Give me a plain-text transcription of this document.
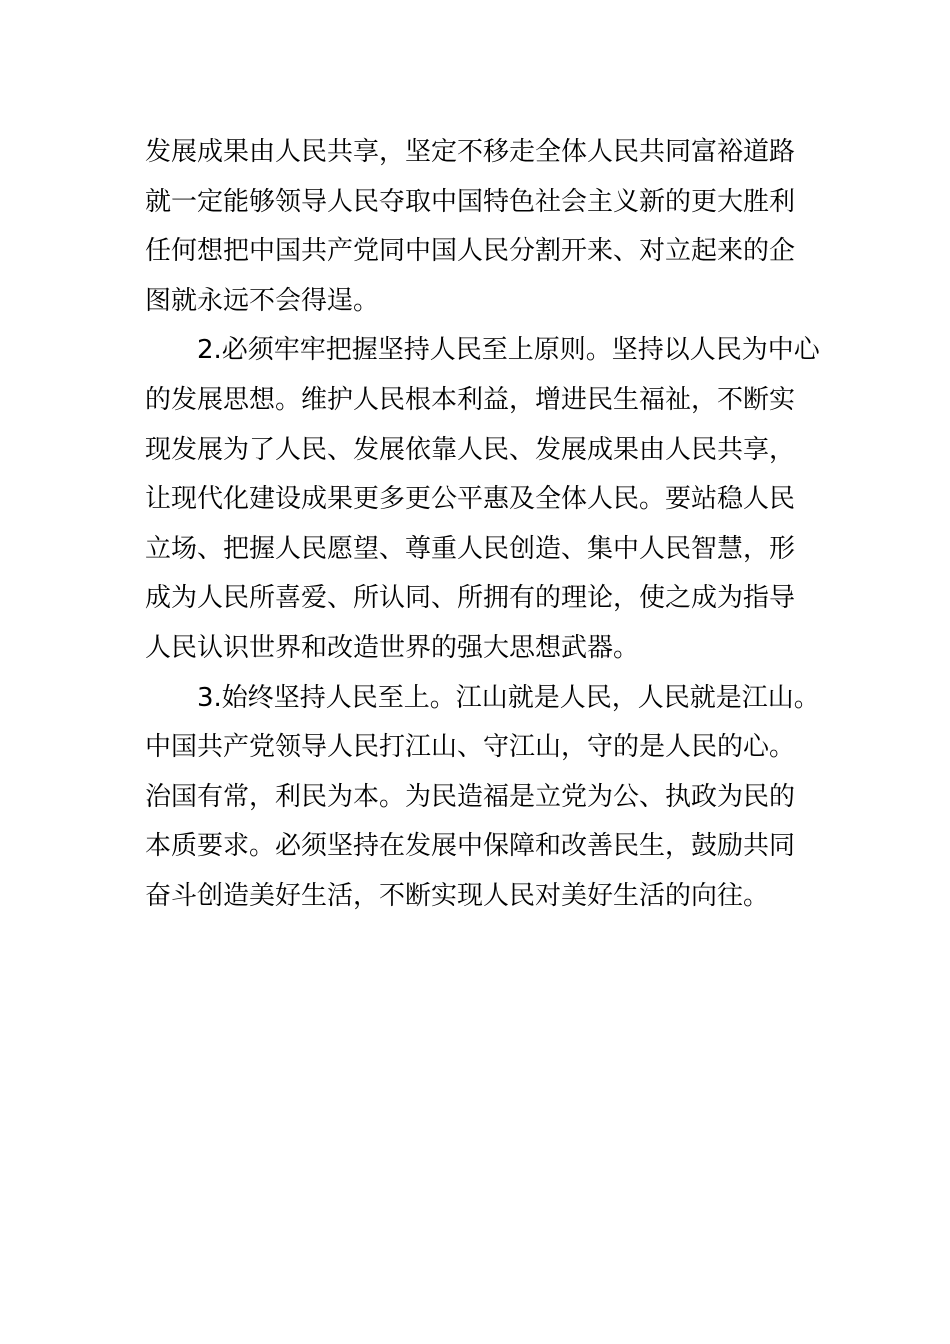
发展成果由人民共享，坚定不移走全体人民共同富裕道路
就一定能够领导人民夺取中国特色社会主义新的更大胜利
任何想把中国共产党同中国人民分割开来、对立起来的企
图就永远不会得逞。
2.必须牢牢把握坚持人民至上原则。坚持以人民为中心
的发展思想。维护人民根本利益，增进民生福祉，不断实
现发展为了人民、发展依靠人民、发展成果由人民共享，
让现代化建设成果更多更公平惠及全体人民。要站稳人民
立场、把握人民愿望、尊重人民创造、集中人民智慧，形
成为人民所喜爱、所认同、所拥有的理论，使之成为指导
人民认识世界和改造世界的强大思想武器。
3.始终坚持人民至上。江山就是人民，人民就是江山。
中国共产党领导人民打江山、守江山，守的是人民的心。
治国有常，利民为本。为民造福是立党为公、执政为民的
本质要求。必须坚持在发展中保障和改善民生，鼓励共同
奋斗创造美好生活，不断实现人民对美好生活的向往。
